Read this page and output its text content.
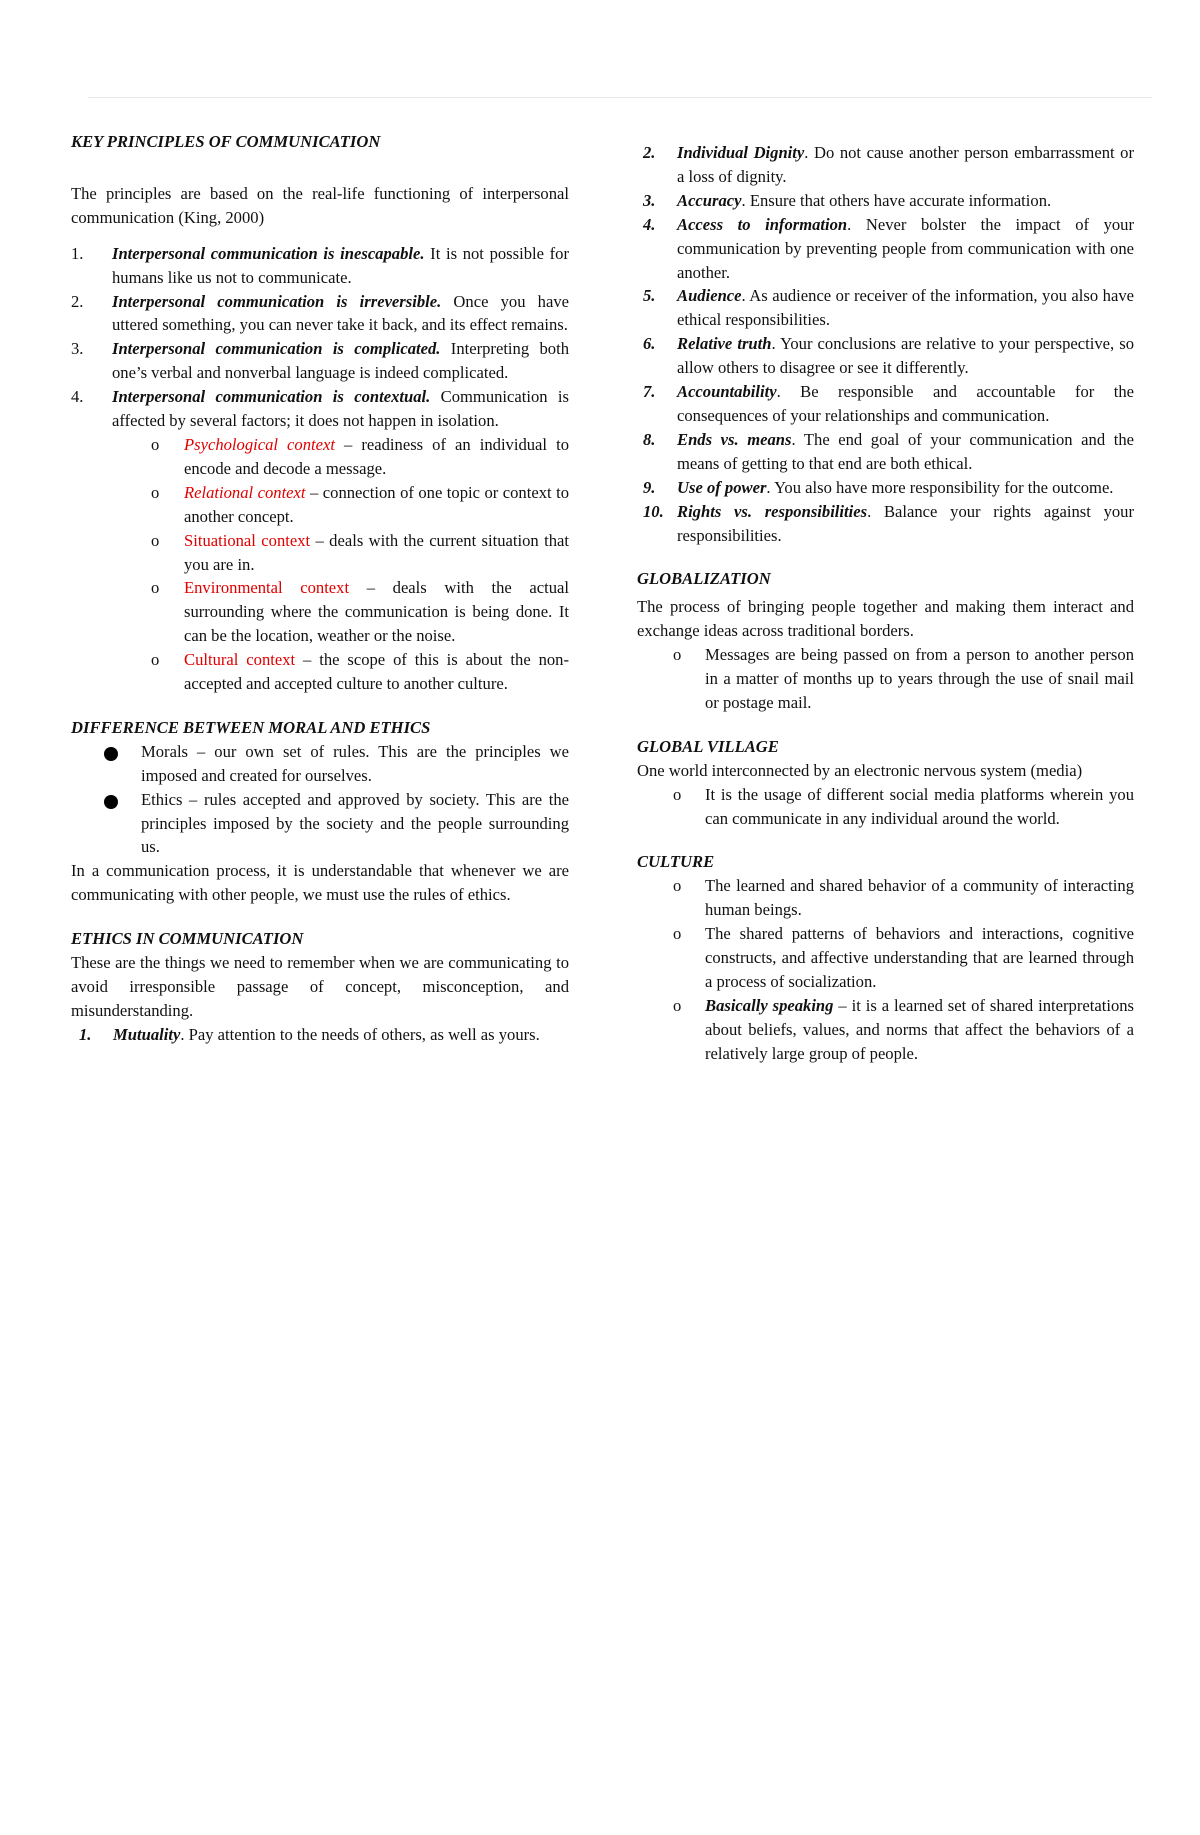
KEY PRINCIPLES OF COMMUNICATION

The principles are based on the real-life functioning of interpersonal communication (King, 2000)

1. Interpersonal communication is inescapable. It is not possible for humans like us not to communicate.
2. Interpersonal communication is irreversible. Once you have uttered something, you can never take it back, and its effect remains.
3. Interpersonal communication is complicated. Interpreting both one’s verbal and nonverbal language is indeed complicated.
4. Interpersonal communication is contextual. Communication is affected by several factors; it does not happen in isolation.
o Psychological context – readiness of an individual to encode and decode a message.
o Relational context – connection of one topic or context to another concept.
o Situational context – deals with the current situation that you are in.
o Environmental context – deals with the actual surrounding where the communication is being done. It can be the location, weather or the noise.
o Cultural context – the scope of this is about the non-accepted and accepted culture to another culture.

DIFFERENCE BETWEEN MORAL AND ETHICS

Morals – our own set of rules. This are the principles we imposed and created for ourselves.
Ethics – rules accepted and approved by society. This are the principles imposed by the society and the people surrounding us.

In a communication process, it is understandable that whenever we are communicating with other people, we must use the rules of ethics.

ETHICS IN COMMUNICATION

These are the things we need to remember when we are communicating to avoid irresponsible passage of concept, misconception, and misunderstanding.

1. Mutuality. Pay attention to the needs of others, as well as yours.
2. Individual Dignity. Do not cause another person embarrassment or a loss of dignity.
3. Accuracy. Ensure that others have accurate information.
4. Access to information. Never bolster the impact of your communication by preventing people from communication with one another.
5. Audience. As audience or receiver of the information, you also have ethical responsibilities.
6. Relative truth. Your conclusions are relative to your perspective, so allow others to disagree or see it differently.
7. Accountability. Be responsible and accountable for the consequences of your relationships and communication.
8. Ends vs. means. The end goal of your communication and the means of getting to that end are both ethical.
9. Use of power. You also have more responsibility for the outcome.
10. Rights vs. responsibilities. Balance your rights against your responsibilities.

GLOBALIZATION

The process of bringing people together and making them interact and exchange ideas across traditional borders.

o Messages are being passed on from a person to another person in a matter of months up to years through the use of snail mail or postage mail.

GLOBAL VILLAGE

One world interconnected by an electronic nervous system (media)

o It is the usage of different social media platforms wherein you can communicate in any individual around the world.

CULTURE

o The learned and shared behavior of a community of interacting human beings.
o The shared patterns of behaviors and interactions, cognitive constructs, and affective understanding that are learned through a process of socialization.
o Basically speaking – it is a learned set of shared interpretations about beliefs, values, and norms that affect the behaviors of a relatively large group of people.
